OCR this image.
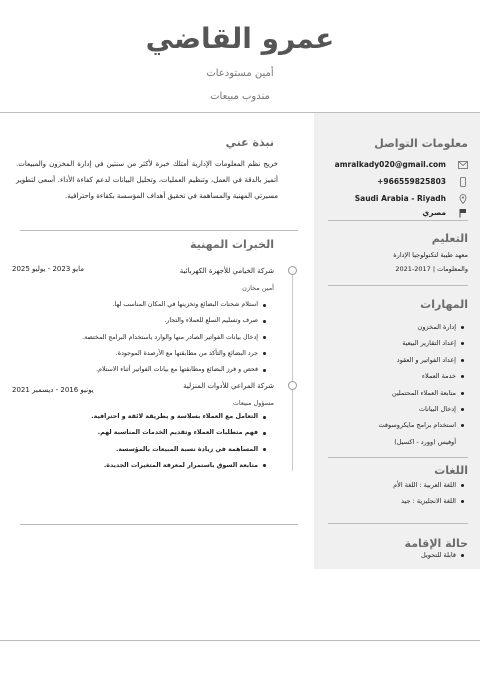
عمرو القاضي
أمين مستودعات
مندوب مبيعات
معلومات التواصل
amralkady020@gmail.com
+966559825803
Saudi Arabia - Riyadh
مصري
التعليم
معهد طيبة لتكنولوجيا الإدارة
والمعلومات | 2017-2021
المهارات
إدارة المخزون
إعداد التقارير البيعية
إعداد الفواتير و العقود
خدمة العملاء
متابعة العملاء المحتملين
إدخال البيانات
استخدام برامج مايكروسوفت
أوفيس (وورد - اكسيل)
اللغات
اللغة العربية : اللغة الأم
اللغة الانجليزية : جيد
حالة الإقامة
قابلة للتحويل
نبذة عني
خريج نظم المعلومات الإدارية أمتلك خبرة لأكثر من سنتين في إدارة المخزون والمبيعات. أتميز بالدقة في العمل، وتنظيم العمليات، وتحليل البيانات لدعم كفاءة الأداء. أسعى لتطوير مسيرتي المهنية والمساهمة في تحقيق أهداف المؤسسة بكفاءة واحترافية.
الخبرات المهنية
شركة الخيامي للأجهزة الكهربائية
مايو 2023 - يوليو 2025
أمين مخازن
استلام شحنات البضائع وتخزينها في المكان المناسب لها.
صرف وتسليم السلع للعملاء والتجار.
إدخال بيانات الفواتير الصادر منها والوارد باستخدام البرامج المختصة.
جرد البضائع والتأكد من مطابقتها مع الأرصدة الموجودة.
فحص و فرز البضائع ومطابقتها مع بيانات الفواتير أثناء الاستلام.
شركة المراعي للأدوات المنزلية
يونيو 2016 - ديسمبر 2021
مسؤول مبيعات
التعامل مع العملاء بسلاسة و بطريقة لائقة و احترافية.
فهم متطلبات العملاء وتقديم الخدمات المناسبة لهم.
المساهمة في زيادة نسبة المبيعات بالمؤسسة.
متابعة السوق باستمرار لمعرفة المتغيرات الجديدة.
